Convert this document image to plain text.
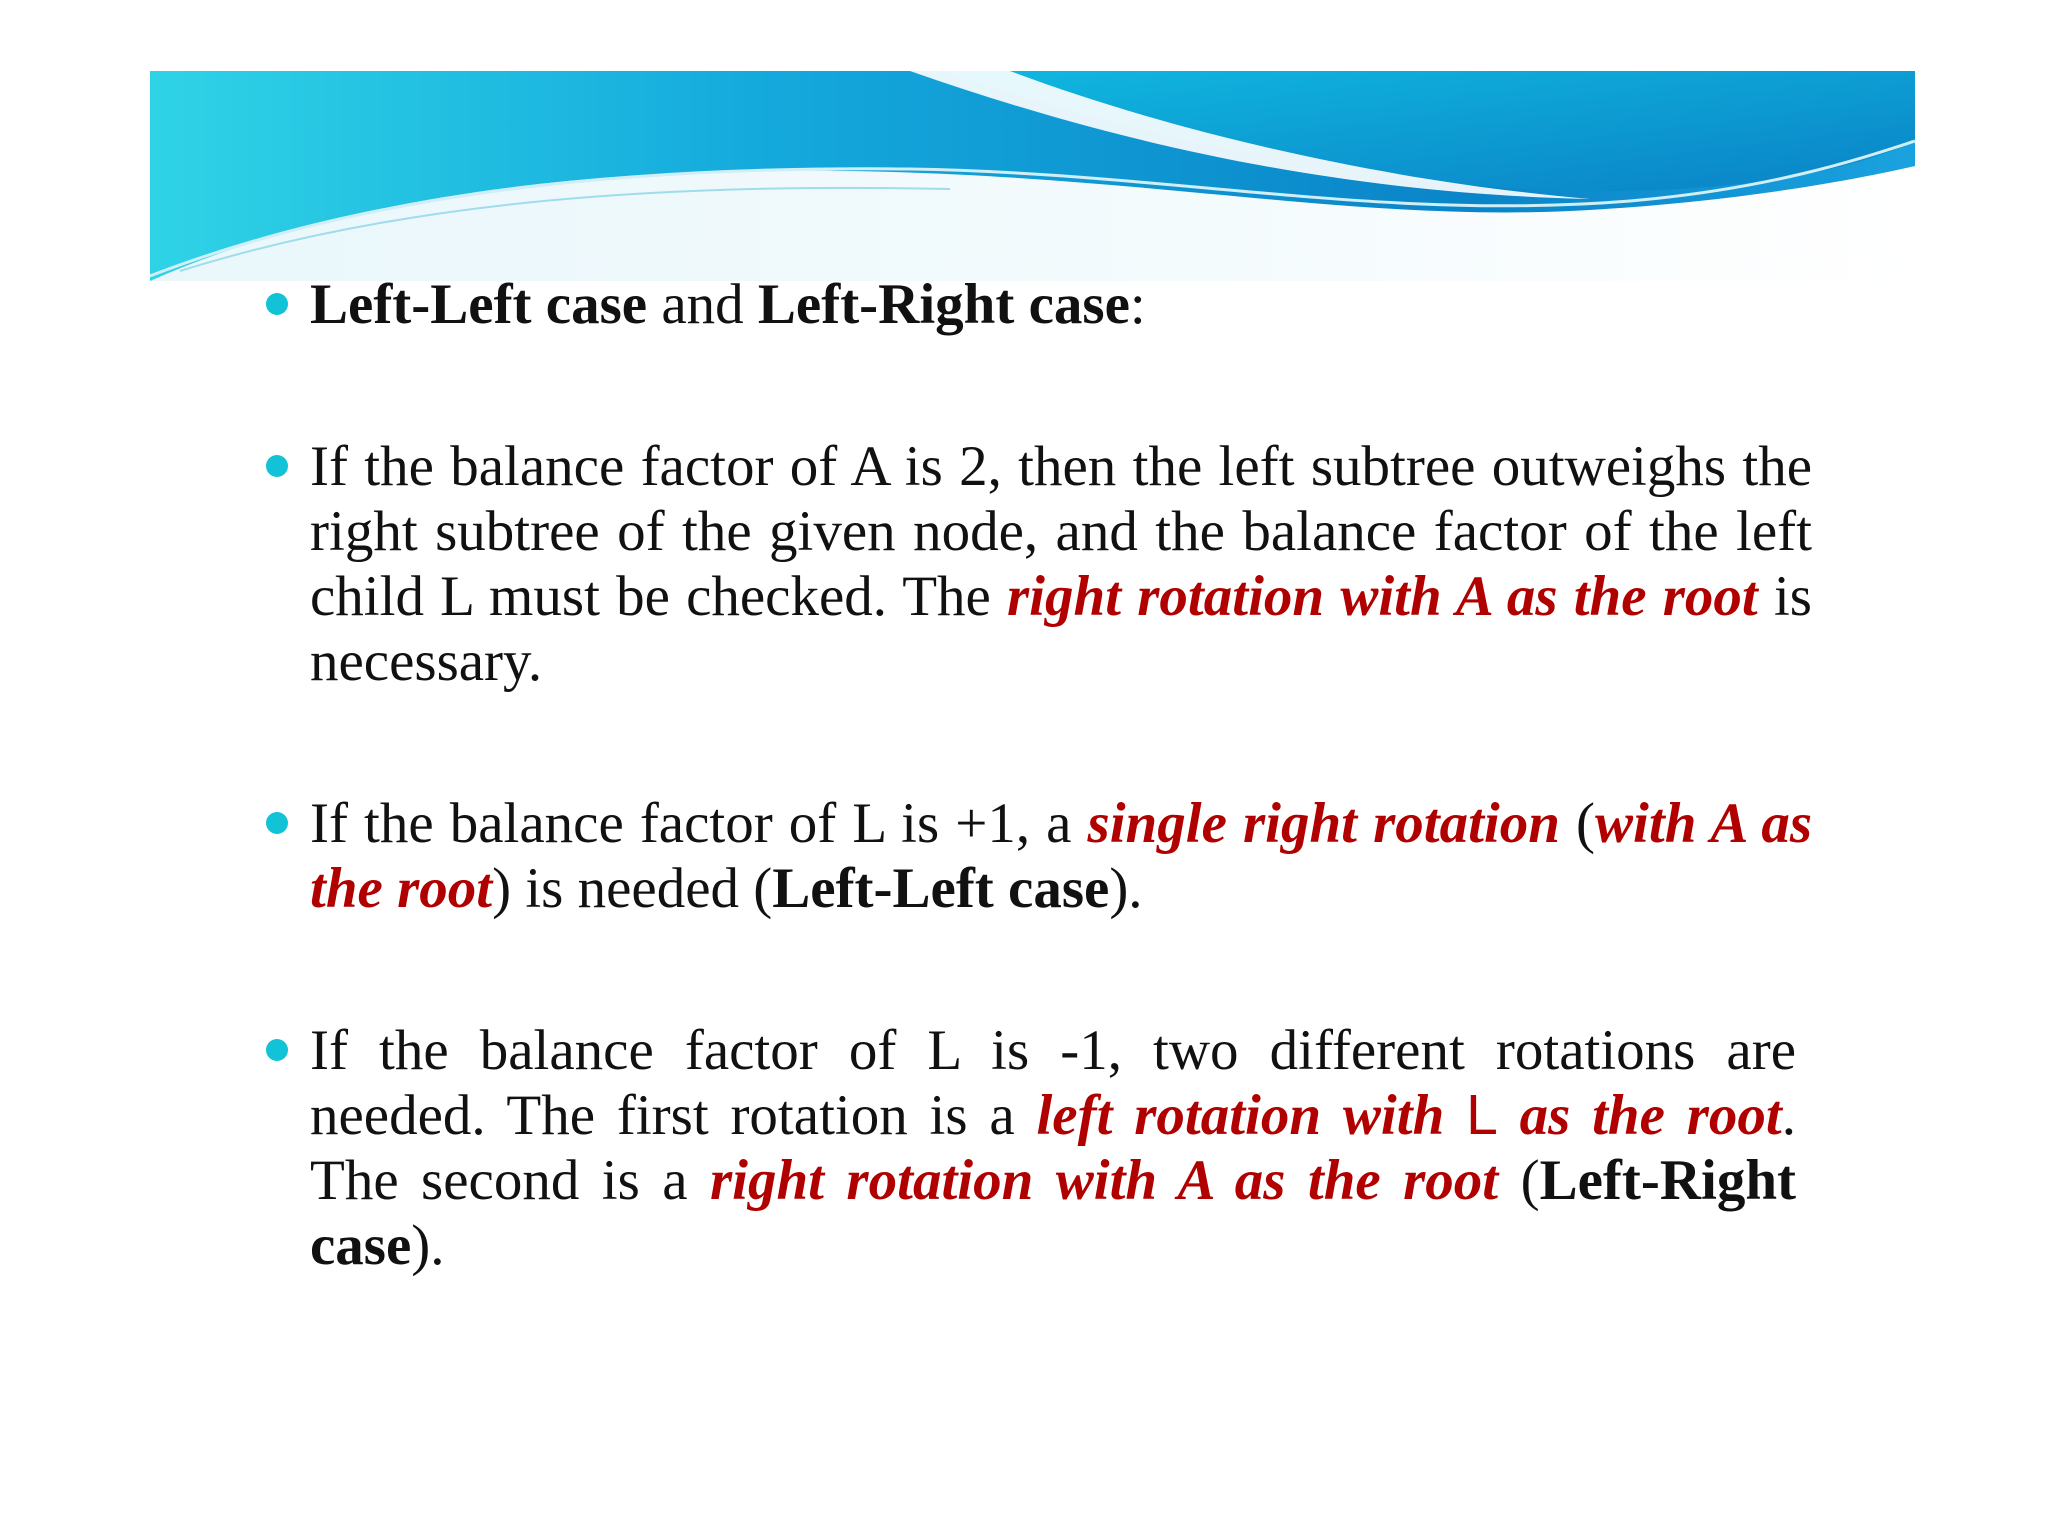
Left-Left case and Left-Right case:

If the balance factor of A is 2, then the left subtree outweighs the right subtree of the given node, and the balance factor of the left child L must be checked. The right rotation with A as the root is necessary.

If the balance factor of L is +1, a single right rotation (with A as the root) is needed (Left-Left case).

If the balance factor of L is -1, two different rotations are needed. The first rotation is a left rotation with L as the root. The second is a right rotation with A as the root (Left-Right case).
